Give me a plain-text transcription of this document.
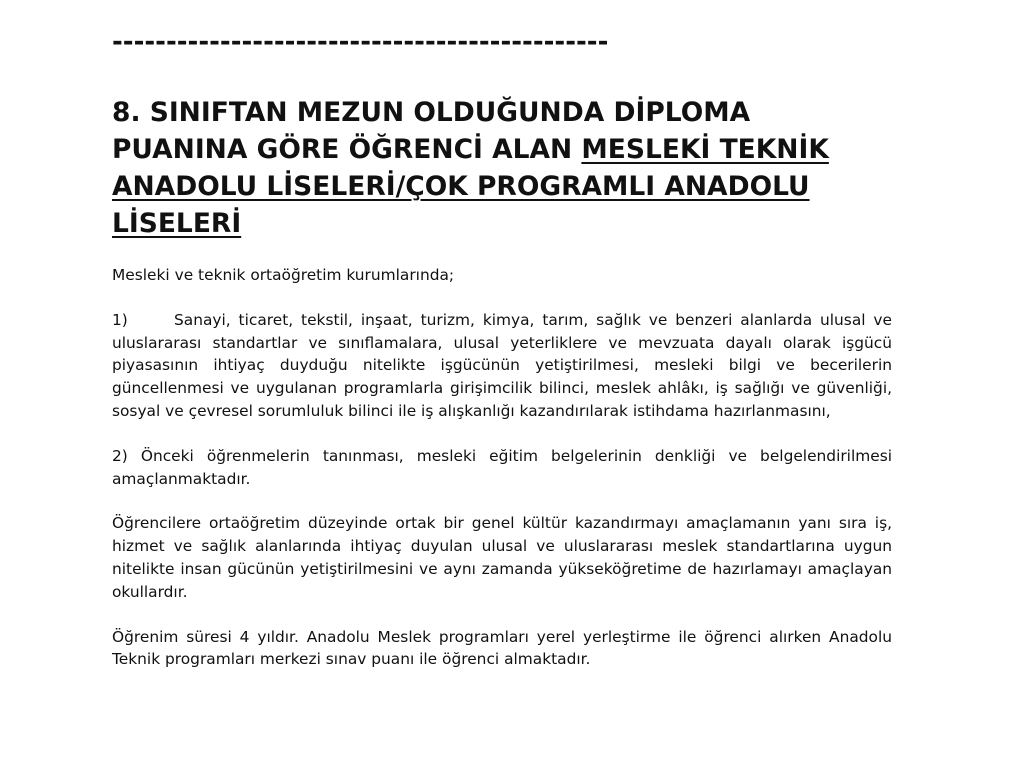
----------------------------------------------
8. SINIFTAN MEZUN OLDUĞUNDA DİPLOMA PUANINA GÖRE ÖĞRENCİ ALAN MESLEKİ TEKNİK ANADOLU LİSELERİ/ÇOK PROGRAMLI ANADOLU LİSELERİ

Mesleki ve teknik ortaöğretim kurumlarında;

1)	Sanayi, ticaret, tekstil, inşaat, turizm, kimya, tarım, sağlık ve benzeri alanlarda ulusal ve uluslararası standartlar ve sınıflamalara, ulusal yeterliklere ve mevzuata dayalı olarak işgücü piyasasının ihtiyaç duyduğu nitelikte işgücünün yetiştirilmesi, mesleki bilgi ve becerilerin güncellenmesi ve uygulanan programlarla girişimcilik bilinci, meslek ahlâkı, iş sağlığı ve güvenliği, sosyal ve çevresel sorumluluk bilinci ile iş alışkanlığı kazandırılarak istihdama hazırlanmasını,

2) Önceki öğrenmelerin tanınması, mesleki eğitim belgelerinin denkliği ve belgelendirilmesi amaçlanmaktadır.

Öğrencilere ortaöğretim düzeyinde ortak bir genel kültür kazandırmayı amaçlamanın yanı sıra iş, hizmet ve sağlık alanlarında ihtiyaç duyulan ulusal ve uluslararası meslek standartlarına uygun nitelikte insan gücünün yetiştirilmesini ve aynı zamanda yükseköğretime de hazırlamayı amaçlayan okullardır.

Öğrenim süresi 4 yıldır. Anadolu Meslek programları yerel yerleştirme ile öğrenci alırken Anadolu Teknik programları merkezi sınav puanı ile öğrenci almaktadır.
